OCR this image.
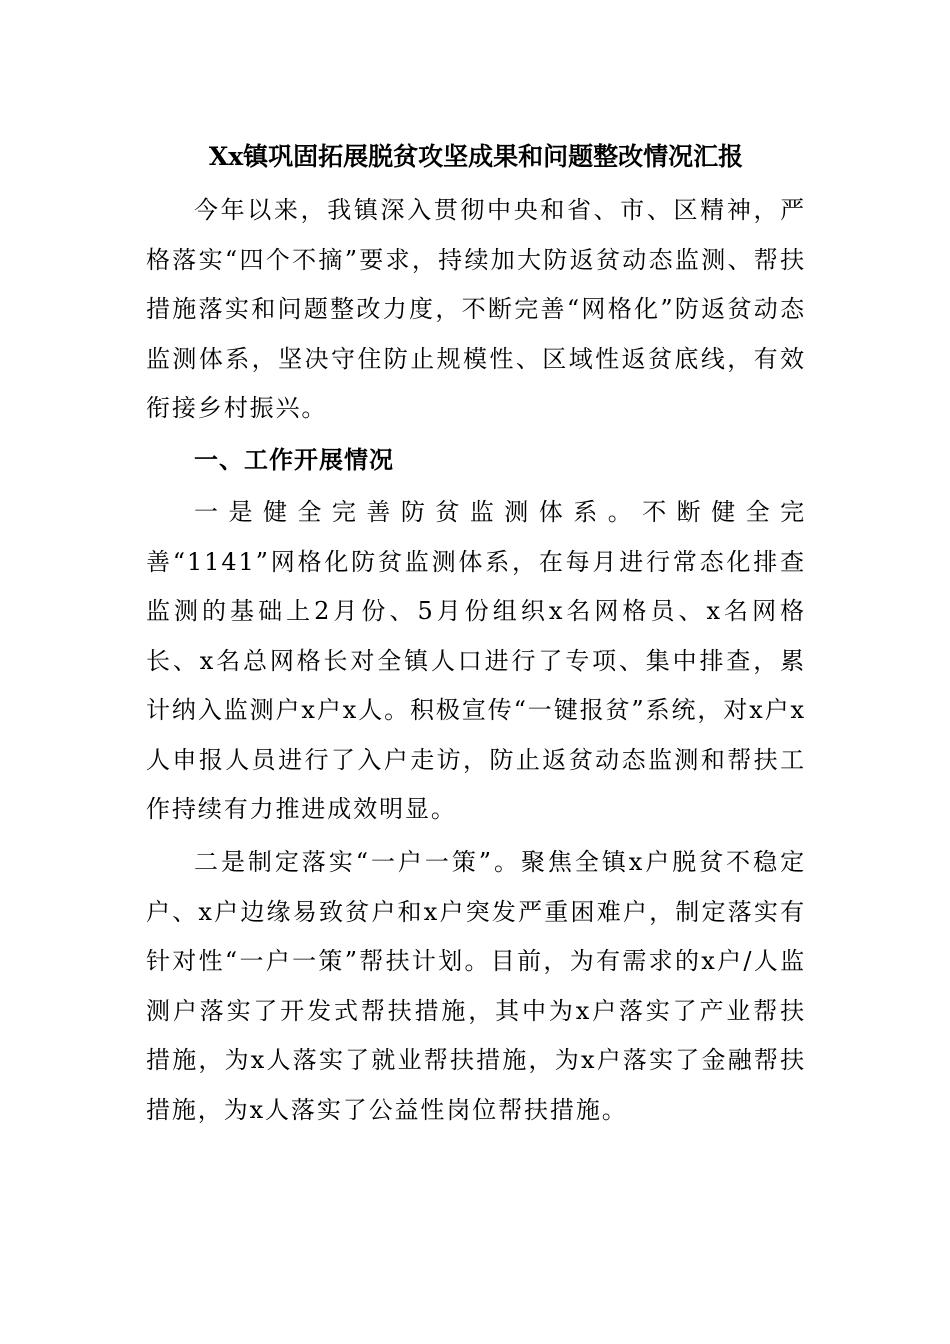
Xx镇巩固拓展脱贫攻坚成果和问题整改情况汇报
今年以来，我镇深入贯彻中央和省、市、区精神，严格落实“四个不摘”要求，持续加大防返贫动态监测、帮扶措施落实和问题整改力度，不断完善“网格化”防返贫动态监测体系，坚决守住防止规模性、区域性返贫底线，有效衔接乡村振兴。
一、工作开展情况
一是健全完善防贫监测体系。不断健全完善“1141”网格化防贫监测体系，在每月进行常态化排查监测的基础上2月份、5月份组织x名网格员、x名网格长、x名总网格长对全镇人口进行了专项、集中排查，累计纳入监测户x户x人。积极宣传“一键报贫”系统，对x户x人申报人员进行了入户走访，防止返贫动态监测和帮扶工作持续有力推进成效明显。
二是制定落实“一户一策”。聚焦全镇x户脱贫不稳定户、x户边缘易致贫户和x户突发严重困难户，制定落实有针对性“一户一策”帮扶计划。目前，为有需求的x户/人监测户落实了开发式帮扶措施，其中为x户落实了产业帮扶措施，为x人落实了就业帮扶措施，为x户落实了金融帮扶措施，为x人落实了公益性岗位帮扶措施。
